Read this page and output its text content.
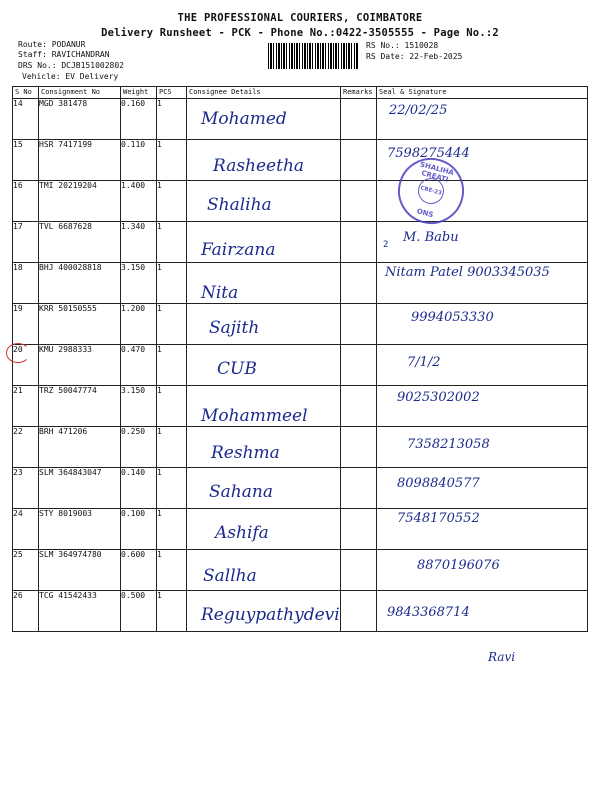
THE PROFESSIONAL COURIERS, COIMBATORE
Delivery Runsheet - PCK - Phone No.:0422-3505555 - Page No.:2
Route: PODANUR
Staff: RAVICHANDRAN
DRS No.: DCJB151002802
Vehicle: EV Delivery
RS No.: 1510028
RS Date: 22-Feb-2025
S No	Consignment No	Weight	PCS	Consignee Details	Remarks	Seal & Signature
14	MGD 381478	0.160	1	Mohamed		22/02/25

15	HSR 7417199	0.110	1	Rasheetha		7598275444

16	TMI 20219204	1.400	1	Shaliha		

17	TVL 6687628	1.340	1	Fairzana	2	M. Babu

18	BHJ 400028818	3.150	1	Nita		Nitam Patel 9003345035

19	KRR 50150555	1.200	1	Sajith		9994053330

20	KMU 2988333	0.470	1	CUB		7/1/2

21	TRZ 50047774	3.150	1	Mohammeel		9025302002

22	BRH 471206	0.250	1	Reshma		7358213058

23	SLM 364843047	0.140	1	Sahana		8098840577

24	STY 8019003	0.100	1	Ashifa		7548170552

25	SLM 364974780	0.600	1	Sallha		8870196076

26	TCG 41542433	0.500	1	Reguypathydevi		9843368714
SHALIHA CREATI
CBE-23
ONS
Ravi
